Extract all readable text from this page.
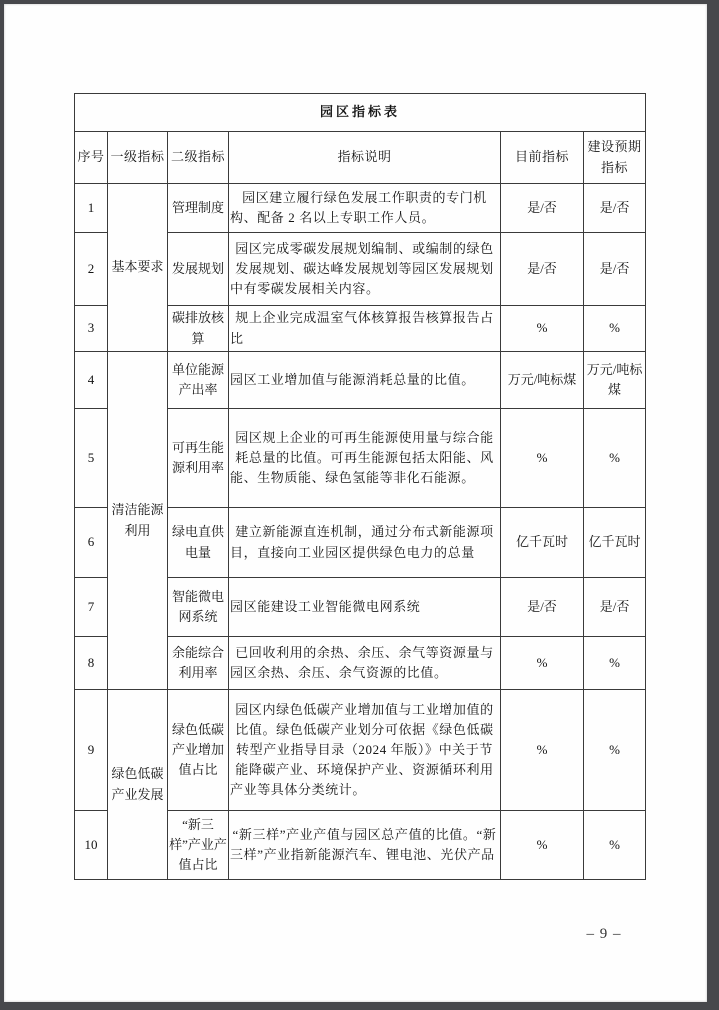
园区指标表					
序号	一级指标	二级指标	指标说明	目前指标	建设预期指标
1	基本要求	管理制度	园区建立履行绿色发展工作职责的专门机构、配备 2 名以上专职工作人员。	是/否	是/否
2		发展规划	园区完成零碳发展规划编制、或编制的绿色发展规划、碳达峰发展规划等园区发展规划中有零碳发展相关内容。	是/否	是/否
3		碳排放核算	规上企业完成温室气体核算报告核算报告占比	%	%
4	清洁能源利用	单位能源产出率	园区工业增加值与能源消耗总量的比值。	万元/吨标煤	万元/吨标煤
5		可再生能源利用率	园区规上企业的可再生能源使用量与综合能耗总量的比值。可再生能源包括太阳能、风能、生物质能、绿色氢能等非化石能源。	%	%
6		绿电直供电量	建立新能源直连机制，通过分布式新能源项目，直接向工业园区提供绿色电力的总量	亿千瓦时	亿千瓦时
7		智能微电网系统	园区能建设工业智能微电网系统	是/否	是/否
8		余能综合利用率	已回收利用的余热、余压、余气等资源量与园区余热、余压、余气资源的比值。	%	%
9	绿色低碳产业发展	绿色低碳产业增加值占比	园区内绿色低碳产业增加值与工业增加值的比值。绿色低碳产业划分可依据《绿色低碳转型产业指导目录（2024 年版）》中关于节能降碳产业、环境保护产业、资源循环利用产业等具体分类统计。	%	%
10		“新三样”产业产值占比	“新三样”产业产值与园区总产值的比值。“新三样”产业指新能源汽车、锂电池、光伏产品	%	%
– 9 –
